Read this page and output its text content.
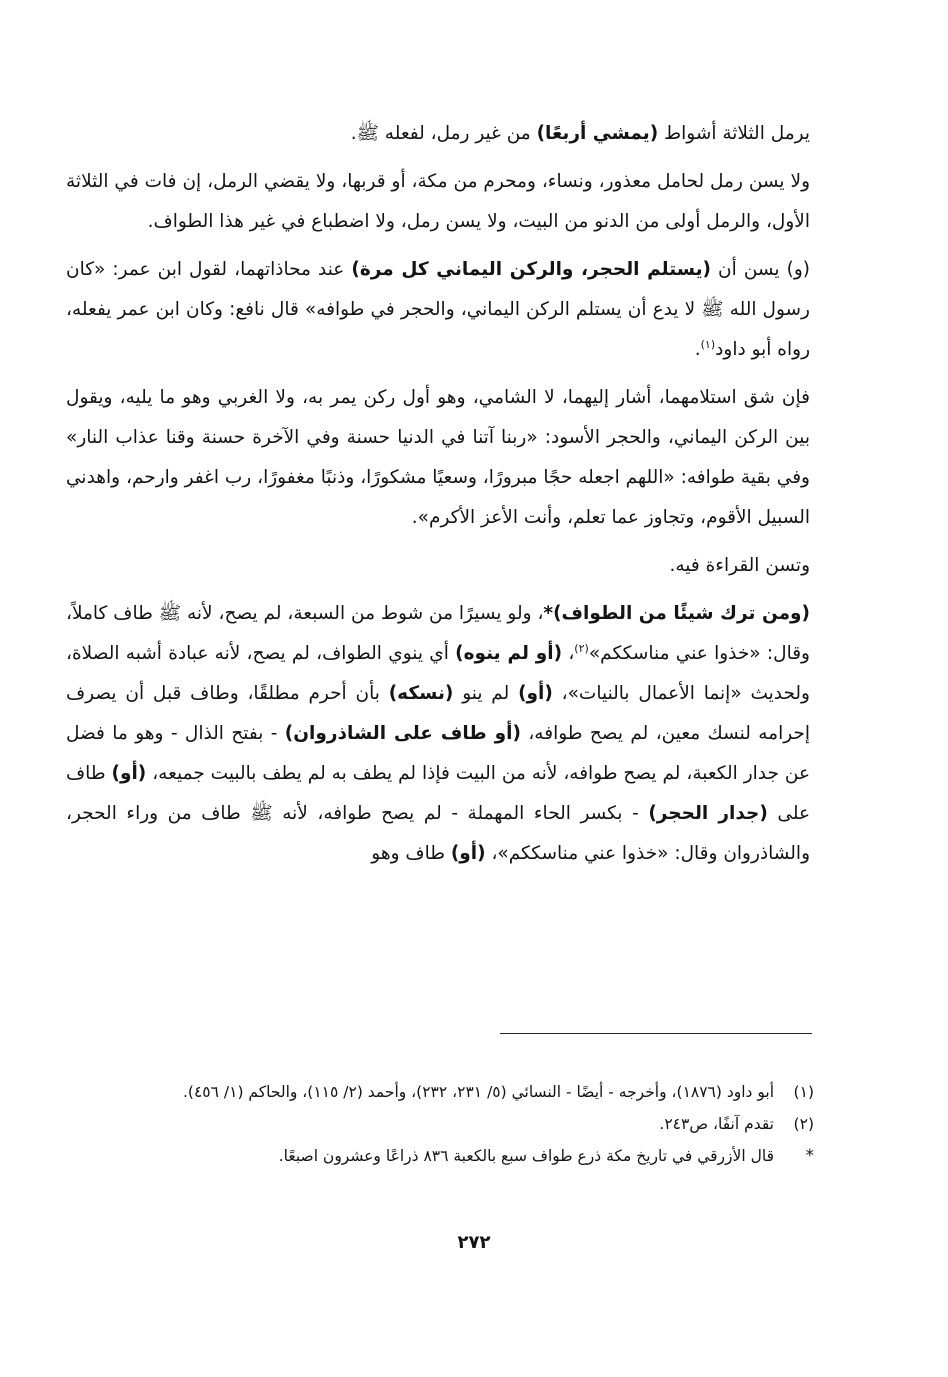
يرمل الثلاثة أشواط (يمشي أربعًا) من غير رمل، لفعله ﷺ.

ولا يسن رمل لحامل معذور، ونساء، ومحرم من مكة، أو قربها، ولا يقضي الرمل، إن فات في الثلاثة الأول، والرمل أولى من الدنو من البيت، ولا يسن رمل، ولا اضطباع في غير هذا الطواف.

(و) يسن أن (يستلم الحجر، والركن اليماني كل مرة) عند محاذاتهما، لقول ابن عمر: «كان رسول الله ﷺ لا يدع أن يستلم الركن اليماني، والحجر في طوافه» قال نافع: وكان ابن عمر يفعله، رواه أبو داود$^{(١)}$.

فإن شق استلامهما، أشار إليهما، لا الشامي، وهو أول ركن يمر به، ولا الغربي وهو ما يليه، ويقول بين الركن اليماني، والحجر الأسود: «ربنا آتنا في الدنيا حسنة وفي الآخرة حسنة وقنا عذاب النار» وفي بقية طوافه: «اللهم اجعله حجًا مبرورًا، وسعيًا مشكورًا، وذنبًا مغفورًا، رب اغفر وارحم، واهدني السبيل الأقوم، وتجاوز عما تعلم، وأنت الأعز الأكرم».

وتسن القراءة فيه.

(ومن ترك شيئًا من الطواف)*، ولو يسيرًا من شوط من السبعة، لم يصح، لأنه ﷺ طاف كاملاً، وقال: «خذوا عني مناسككم»$^{(٢)}$، (أو لم ينوه) أي ينوي الطواف، لم يصح، لأنه عبادة أشبه الصلاة، ولحديث «إنما الأعمال بالنيات»، (أو) لم ينو (نسكه) بأن أحرم مطلقًا، وطاف قبل أن يصرف إحرامه لنسك معين، لم يصح طوافه، (أو طاف على الشاذروان) - بفتح الذال - وهو ما فضل عن جدار الكعبة، لم يصح طوافه، لأنه من البيت فإذا لم يطف به لم يطف بالبيت جميعه، (أو) طاف على (جدار الحجر) - بكسر الحاء المهملة - لم يصح طوافه، لأنه ﷺ طاف من وراء الحجر، والشاذروان وقال: «خذوا عني مناسككم»، (أو) طاف وهو

(١)
أبو داود (١٨٧٦)، وأخرجه - أيضًا - النسائي (٥/ ٢٣١، ٢٣٢)، وأحمد (٢/ ١١٥)، والحاكم (١/ ٤٥٦).
(٢)
تقدم آنفًا، ص٢٤٣.
*
قال الأزرقي في تاريخ مكة ذرع طواف سبع بالكعبة ٨٣٦ ذراعًا وعشرون اصبعًا.
٢٧٢
